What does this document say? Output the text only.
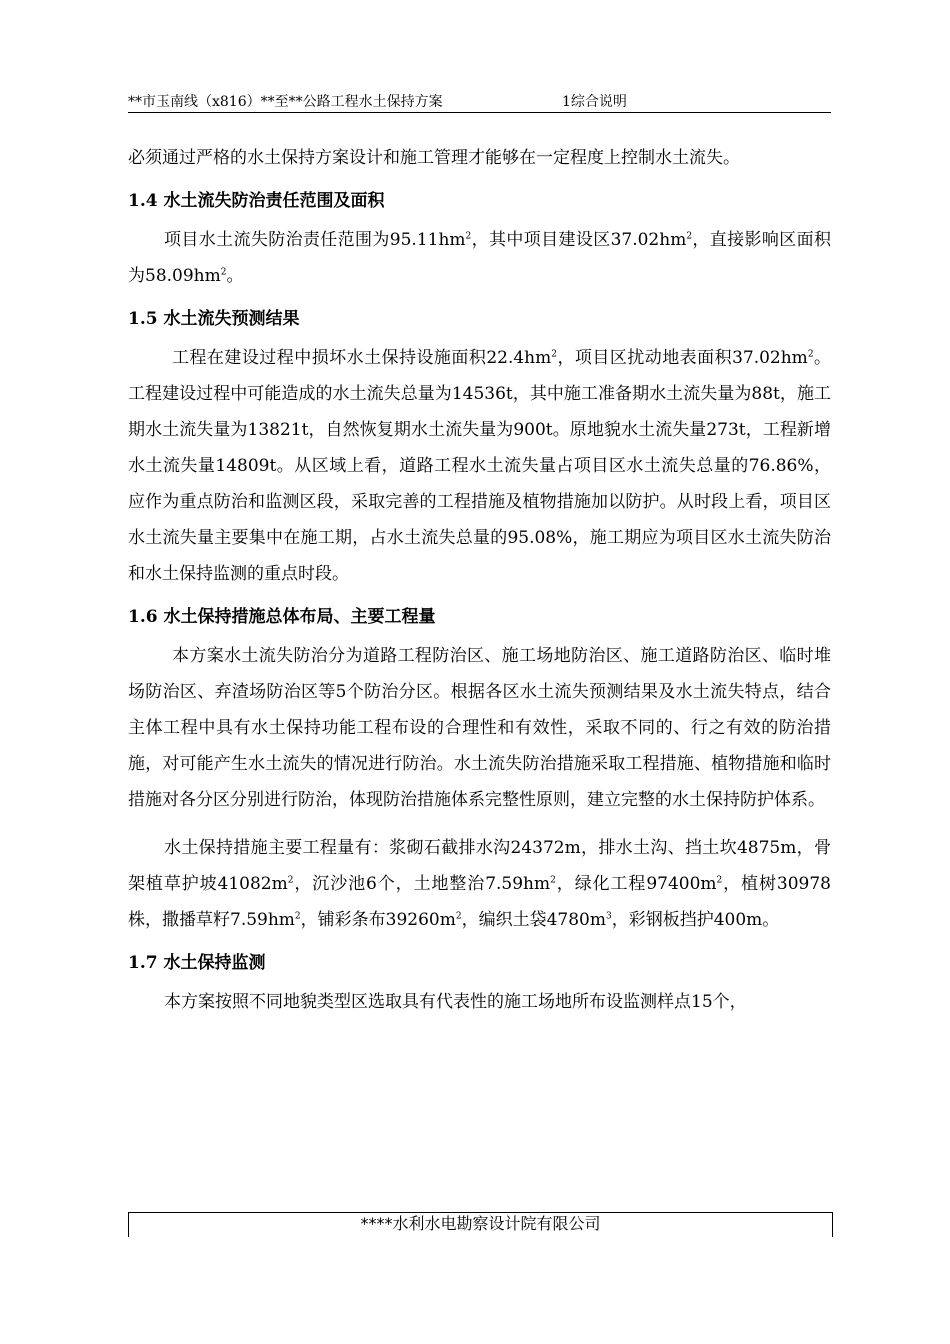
**市玉南线（x816）**至**公路工程水土保持方案	1综合说明

必须通过严格的水土保持方案设计和施工管理才能够在一定程度上控制水土流失。

1.4 水土流失防治责任范围及面积

项目水土流失防治责任范围为$95.11hm^2$，其中项目建设区$37.02hm^2$，直接影响区面积为$58.09hm^2$。

1.5 水土流失预测结果

工程在建设过程中损坏水土保持设施面积$22.4hm^2$，项目区扰动地表面积$37.02hm^2$。工程建设过程中可能造成的水土流失总量为14536t，其中施工准备期水土流失量为88t，施工期水土流失量为13821t，自然恢复期水土流失量为900t。原地貌水土流失量273t，工程新增水土流失量14809t。从区域上看，道路工程水土流失量占项目区水土流失总量的76.86%，应作为重点防治和监测区段，采取完善的工程措施及植物措施加以防护。从时段上看，项目区水土流失量主要集中在施工期，占水土流失总量的95.08%，施工期应为项目区水土流失防治和水土保持监测的重点时段。

1.6 水土保持措施总体布局、主要工程量

本方案水土流失防治分为道路工程防治区、施工场地防治区、施工道路防治区、临时堆场防治区、弃渣场防治区等5个防治分区。根据各区水土流失预测结果及水土流失特点，结合主体工程中具有水土保持功能工程布设的合理性和有效性，采取不同的、行之有效的防治措施，对可能产生水土流失的情况进行防治。水土流失防治措施采取工程措施、植物措施和临时措施对各分区分别进行防治，体现防治措施体系完整性原则，建立完整的水土保持防护体系。

水土保持措施主要工程量有：浆砌石截排水沟24372m，排水土沟、挡土坎4875m，骨架植草护坡$41082m^2$，沉沙池6个，土地整治$7.59hm^2$，绿化工程$97400m^2$，植树30978株，撒播草籽$7.59hm^2$，铺彩条布$39260m^2$，编织土袋$4780m^3$，彩钢板挡护400m。

1.7 水土保持监测

本方案按照不同地貌类型区选取具有代表性的施工场地所布设监测样点15个，

****水利水电勘察设计院有限公司
